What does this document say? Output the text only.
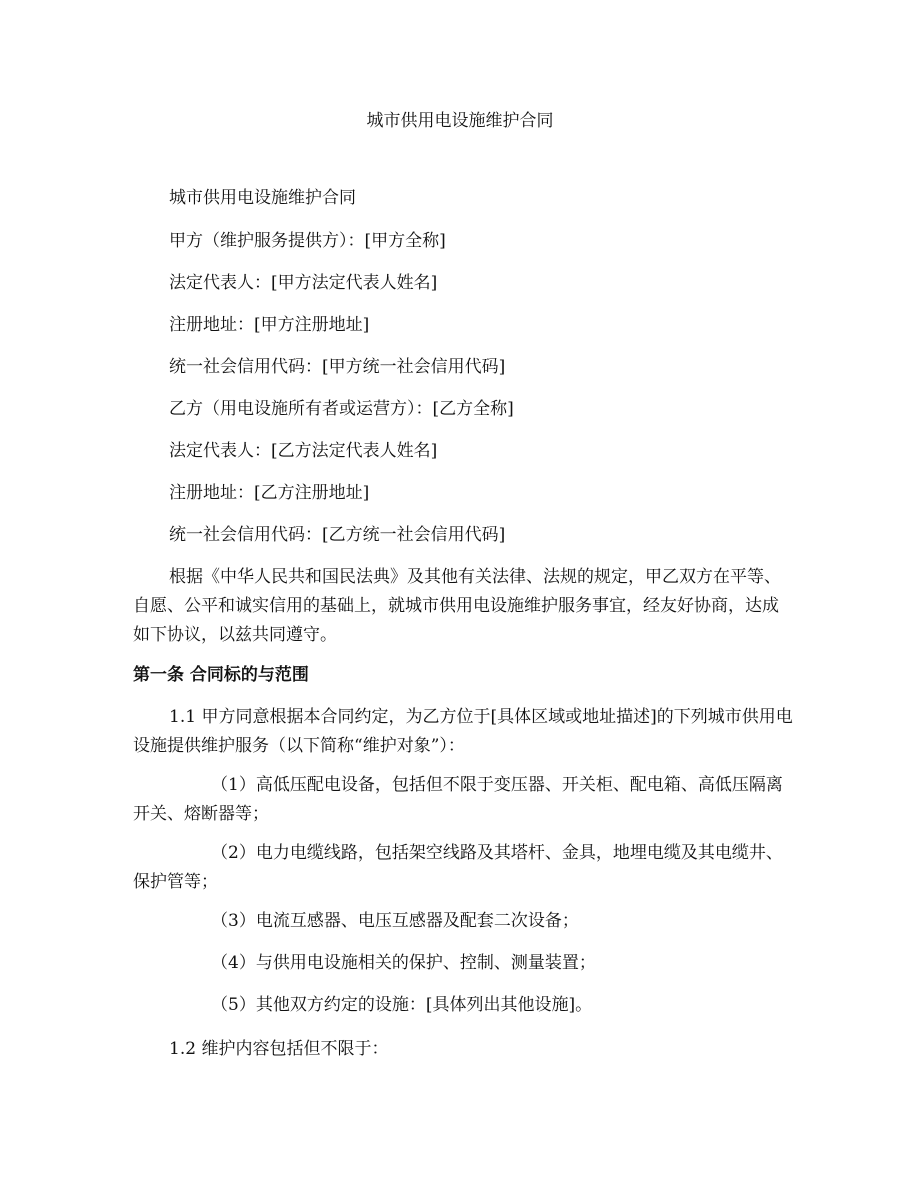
城市供用电设施维护合同
城市供用电设施维护合同
甲方（维护服务提供方）：[甲方全称]
法定代表人：[甲方法定代表人姓名]
注册地址：[甲方注册地址]
统一社会信用代码：[甲方统一社会信用代码]
乙方（用电设施所有者或运营方）：[乙方全称]
法定代表人：[乙方法定代表人姓名]
注册地址：[乙方注册地址]
统一社会信用代码：[乙方统一社会信用代码]
根据《中华人民共和国民法典》及其他有关法律、法规的规定，甲乙双方在平等、自愿、公平和诚实信用的基础上，就城市供用电设施维护服务事宜，经友好协商，达成如下协议，以兹共同遵守。
第一条 合同标的与范围
1.1 甲方同意根据本合同约定，为乙方位于[具体区域或地址描述]的下列城市供用电设施提供维护服务（以下简称“维护对象”）：
（1）高低压配电设备，包括但不限于变压器、开关柜、配电箱、高低压隔离开关、熔断器等；
（2）电力电缆线路，包括架空线路及其塔杆、金具，地埋电缆及其电缆井、保护管等；
（3）电流互感器、电压互感器及配套二次设备；
（4）与供用电设施相关的保护、控制、测量装置；
（5）其他双方约定的设施：[具体列出其他设施]。
1.2 维护内容包括但不限于：
